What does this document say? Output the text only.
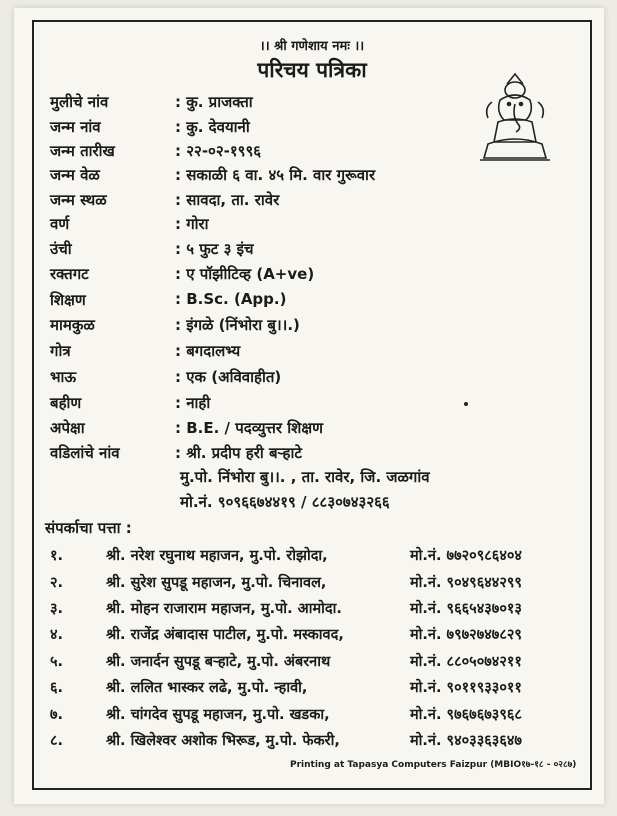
।। श्री गणेशाय नमः ।।
परिचय पत्रिका
मुलीचे नांव	: कु. प्राजक्ता
जन्म नांव	: कु. देवयानी
जन्म तारीख	: २२-०२-१९९६
जन्म वेळ	: सकाळी ६ वा. ४५ मि. वार गुरूवार
जन्म स्थळ	: सावदा, ता. रावेर
वर्ण	: गोरा
उंची	: ५ फुट ३ इंच
रक्तगट	: ए पॉझीटिव्ह (A+ve)
शिक्षण	: B.Sc. (App.)
मामकुळ	: इंगळे (निंभोरा बु।।.)
गोत्र	: बगदालभ्य
भाऊ	: एक (अविवाहीत)
बहीण	: नाही
अपेक्षा	: B.E. / पदव्युत्तर शिक्षण
वडिलांचे नांव	: श्री. प्रदीप हरी बऱ्हाटे
मु.पो. निंभोरा बु।।. , ता. रावेर, जि. जळगांव
मो.नं. ९०९६६७४४१९ / ८८३०७४३२६६
संपर्काचा पत्ता :
१.	श्री. नरेश रघुनाथ महाजन, मु.पो. रोझोदा,	मो.नं. ७७२०९८६४०४
२.	श्री. सुरेश सुपडू महाजन, मु.पो. चिनावल,	मो.नं. ९०४९६४४२९९
३.	श्री. मोहन राजाराम महाजन, मु.पो. आमोदा.	मो.नं. ९६६५४३७०१३
४.	श्री. राजेंद्र अंबादास पाटील, मु.पो. मस्कावद,	मो.नं. ७९७२७४७८२९
५.	श्री. जनार्दन सुपडू बऱ्हाटे, मु.पो. अंबरनाथ	मो.नं. ८८०५०७४२११
६.	श्री. ललित भास्कर लढे, मु.पो. न्हावी,	मो.नं. ९०११९३३०११
७.	श्री. चांगदेव सुपडू महाजन, मु.पो. खडका,	मो.नं. ९७६७६७३९६८
८.	श्री. खिलेश्वर अशोक भिरूड, मु.पो. फेकरी,	मो.नं. ९४०३३६३६४७
Printing at Tapasya Computers Faizpur (MBIO१७-१८ - ०२८७)
